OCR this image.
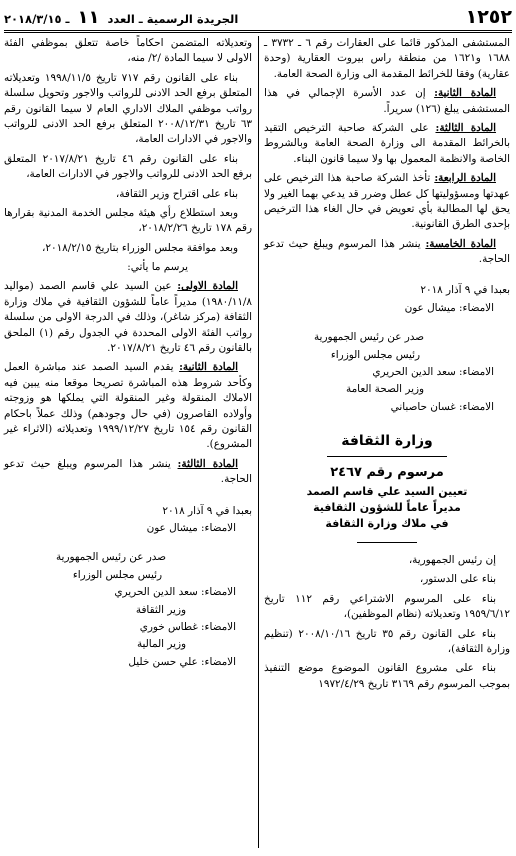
١٢٥٢
الجريدة الرسمية ـ العدد ١١ ـ ٢٠١٨/٣/١٥

المستشفى المذكور قائما على العقارات رقم ٦ ـ ٣٧٣٢ ـ ١٦٨٨ و١٦٢١ من منطقة راس بيروت العقارية (وحدة عقارية) وفقا للخرائط المقدمة الى وزارة الصحة العامة.

المادة الثانية: إن عدد الأسرة الإجمالي في هذا المستشفى يبلغ (١٢٦) سريراً.

المادة الثالثة: على الشركة صاحبة الترخيص التقيد بالخرائط المقدمة الى وزارة الصحة العامة وبالشروط الخاصة والانظمة المعمول بها ولا سيما قانون البناء.

المادة الرابعة: تأخذ الشركة صاحبة هذا الترخيص على عهدتها ومسؤوليتها كل عطل وضرر قد يدعي بهما الغير ولا يحق لها المطالبة بأي تعويض في حال الغاء هذا الترخيص بإحدى الطرق القانونية.

المادة الخامسة: ينشر هذا المرسوم ويبلغ حيث تدعو الحاجة.

بعبدا في ٩ آذار ٢٠١٨

الامضاء: ميشال عون

صدر عن رئيس الجمهورية

رئيس مجلس الوزراء

الامضاء: سعد الدين الحريري

وزير الصحة العامة

الامضاء: غسان حاصباني

وزارة الثقافة
مرسوم رقم ٢٤٦٧
تعيين السيد علي قاسم الصمد
مديراً عاماً للشؤون الثقافية
في ملاك وزارة الثقافة

إن رئيس الجمهورية،

بناء على الدستور،

بناء على المرسوم الاشتراعي رقم ١١٢ تاريخ ١٩٥٩/٦/١٢ وتعديلاته (نظام الموظفين)،

بناء على القانون رقم ٣٥ تاريخ ٢٠٠٨/١٠/١٦ (تنظيم وزارة الثقافة)،

بناء على مشروع القانون الموضوع موضع التنفيذ بموجب المرسوم رقم ٣١٦٩ تاريخ ١٩٧٢/٤/٢٩

وتعديلاته المتضمن احكاماً خاصة تتعلق بموظفي الفئة الاولى لا سيما المادة /٢/ منه،

بناء على القانون رقم ٧١٧ تاريخ ١٩٩٨/١١/٥ وتعديلاته المتعلق برفع الحد الادنى للرواتب والاجور وتحويل سلسلة رواتب موظفي الملاك الاداري العام لا سيما القانون رقم ٦٣ تاريخ ٢٠٠٨/١٢/٣١ المتعلق برفع الحد الادنى للرواتب والاجور في الادارات العامة،

بناء على القانون رقم ٤٦ تاريخ ٢٠١٧/٨/٢١ المتعلق برفع الحد الادنى للرواتب والاجور في الادارات العامة،

بناء على اقتراح وزير الثقافة،

وبعد استطلاع رأي هيئة مجلس الخدمة المدنية بقرارها رقم ١٧٨ تاريخ ٢٠١٨/٢/٢٦،

وبعد موافقة مجلس الوزراء بتاريخ ٢٠١٨/٢/١٥،

يرسم ما يأتي:

المادة الاولى: عين السيد علي قاسم الصمد (مواليد ١٩٨٠/١١/٨) مديراً عاماً للشؤون الثقافية في ملاك وزارة الثقافة (مركز شاغر)، وذلك في الدرجة الاولى من سلسلة رواتب الفئة الاولى المحددة في الجدول رقم (١) الملحق بالقانون رقم ٤٦ تاريخ ٢٠١٧/٨/٢١.

المادة الثانية: يقدم السيد الصمد عند مباشرة العمل وكأحد شروط هذه المباشرة تصريحا موقعا منه يبين فيه الاملاك المنقولة وغير المنقولة التي يملكها هو وزوجته وأولاده القاصرون (في حال وجودهم) وذلك عملاً باحكام القانون رقم ١٥٤ تاريخ ١٩٩٩/١٢/٢٧ وتعديلاته (الاثراء غير المشروع).

المادة الثالثة: ينشر هذا المرسوم ويبلغ حيث تدعو الحاجة.

بعبدا في ٩ آذار ٢٠١٨

الامضاء: ميشال عون

صدر عن رئيس الجمهورية

رئيس مجلس الوزراء

الامضاء: سعد الدين الحريري

وزير الثقافة

الامضاء: غطاس خوري

وزير المالية

الامضاء: علي حسن خليل
